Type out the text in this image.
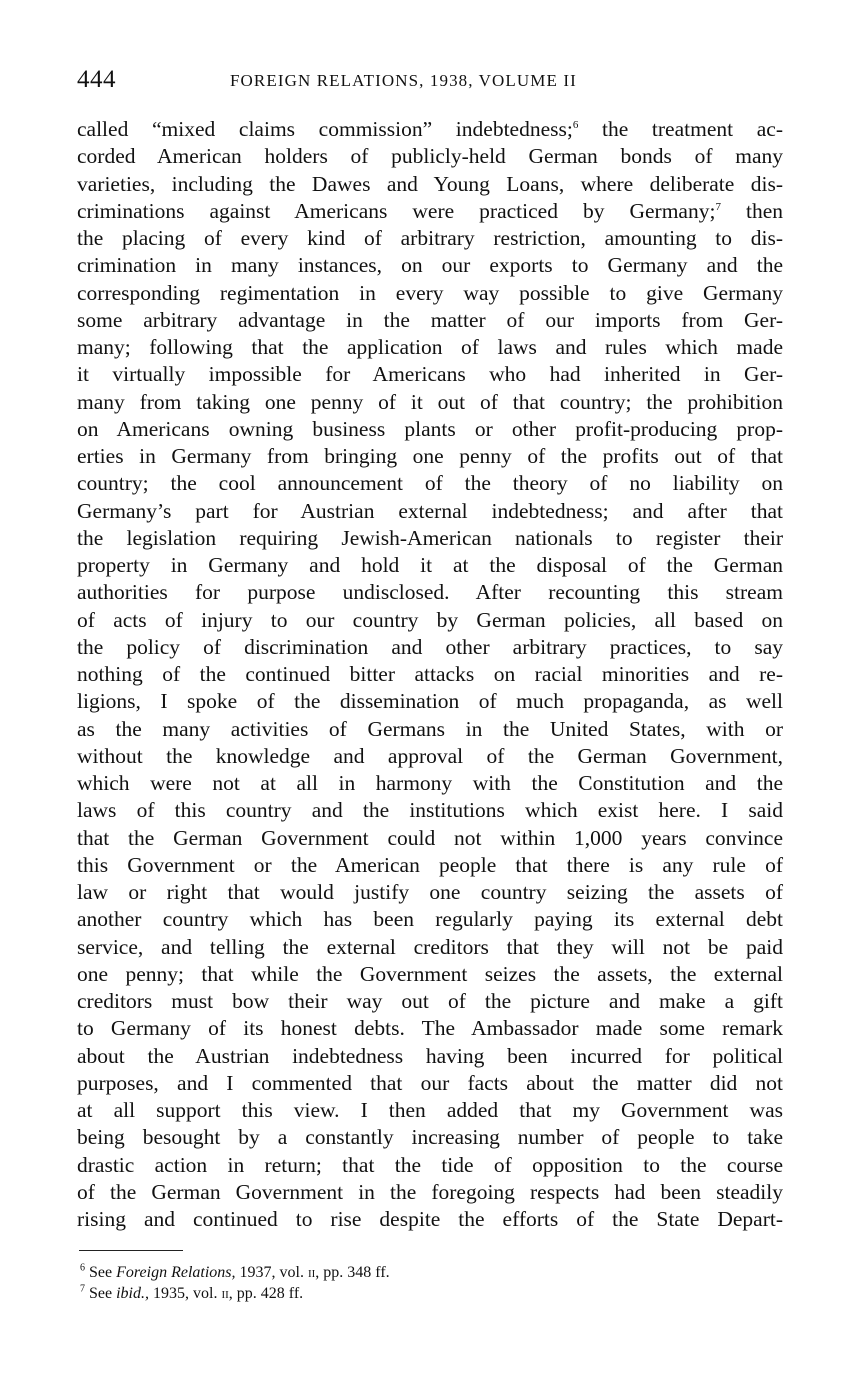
444	FOREIGN RELATIONS, 1938, VOLUME II
called “mixed claims commission” indebtedness;$^6$ the treatment ac-
corded American holders of publicly-held German bonds of many
varieties, including the Dawes and Young Loans, where deliberate dis-
criminations against Americans were practiced by Germany;$^7$ then
the placing of every kind of arbitrary restriction, amounting to dis-
crimination in many instances, on our exports to Germany and the
corresponding regimentation in every way possible to give Germany
some arbitrary advantage in the matter of our imports from Ger-
many; following that the application of laws and rules which made
it virtually impossible for Americans who had inherited in Ger-
many from taking one penny of it out of that country; the prohibition
on Americans owning business plants or other profit-producing prop-
erties in Germany from bringing one penny of the profits out of that
country; the cool announcement of the theory of no liability on
Germany’s part for Austrian external indebtedness; and after that
the legislation requiring Jewish-American nationals to register their
property in Germany and hold it at the disposal of the German
authorities for purpose undisclosed. After recounting this stream
of acts of injury to our country by German policies, all based on
the policy of discrimination and other arbitrary practices, to say
nothing of the continued bitter attacks on racial minorities and re-
ligions, I spoke of the dissemination of much propaganda, as well
as the many activities of Germans in the United States, with or
without the knowledge and approval of the German Government,
which were not at all in harmony with the Constitution and the
laws of this country and the institutions which exist here. I said
that the German Government could not within 1,000 years convince
this Government or the American people that there is any rule of
law or right that would justify one country seizing the assets of
another country which has been regularly paying its external debt
service, and telling the external creditors that they will not be paid
one penny; that while the Government seizes the assets, the external
creditors must bow their way out of the picture and make a gift
to Germany of its honest debts. The Ambassador made some remark
about the Austrian indebtedness having been incurred for political
purposes, and I commented that our facts about the matter did not
at all support this view. I then added that my Government was
being besought by a constantly increasing number of people to take
drastic action in return; that the tide of opposition to the course
of the German Government in the foregoing respects had been steadily
rising and continued to rise despite the efforts of the State Depart-
$^6$ See Foreign Relations, 1937, vol. ii, pp. 348 ff.
$^7$ See ibid., 1935, vol. ii, pp. 428 ff.
